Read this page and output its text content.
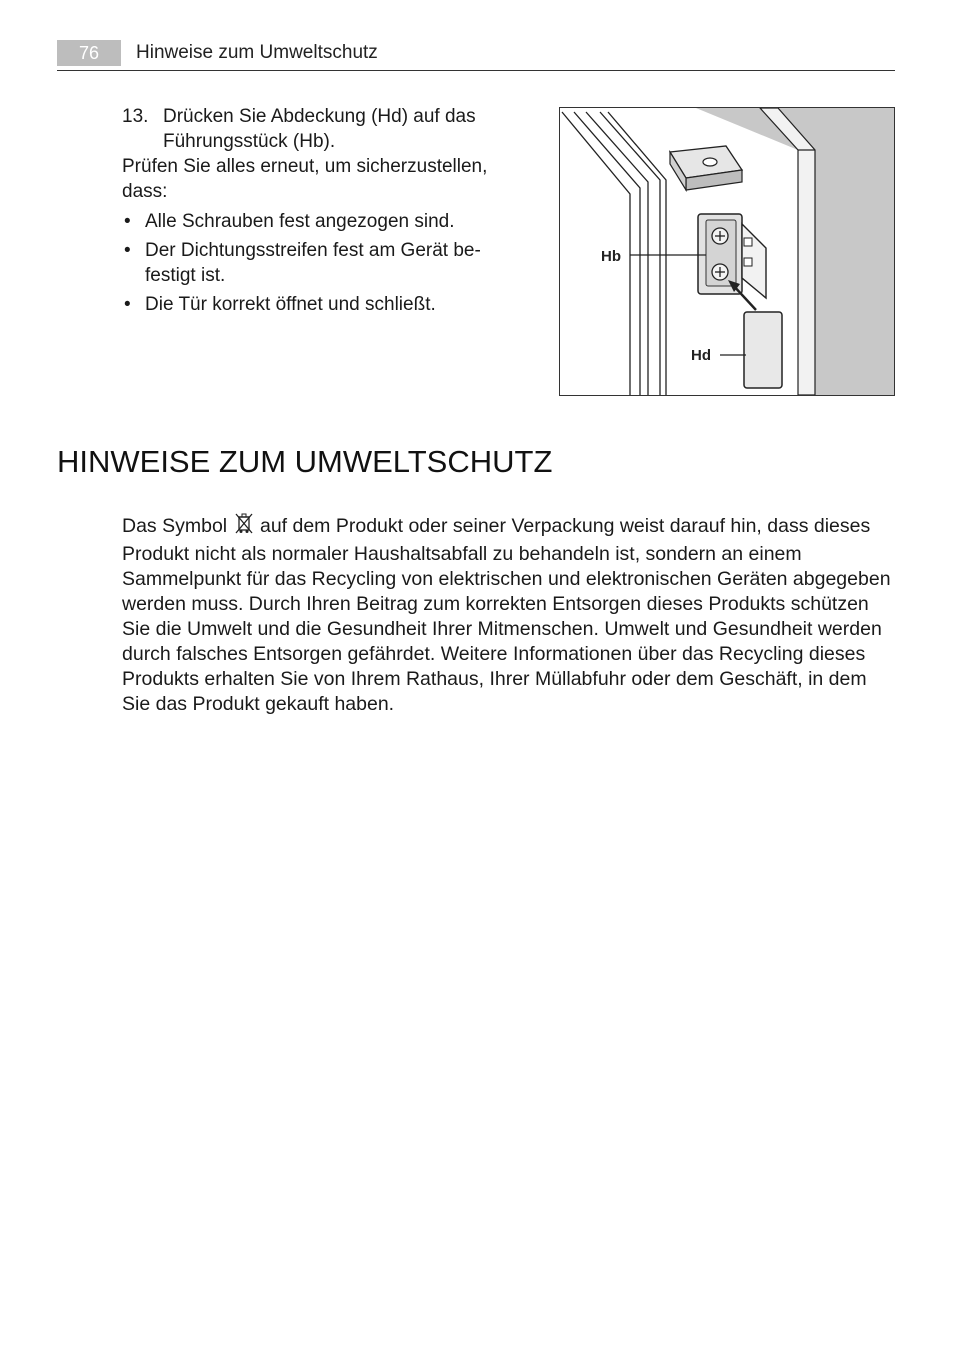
76	Hinweise zum Umweltschutz
13. Drücken Sie Abdeckung (Hd) auf das Führungsstück (Hb).
Prüfen Sie alles erneut, um sicherzustellen, dass:
• Alle Schrauben fest angezogen sind.
• Der Dichtungsstreifen fest am Gerät be-festigt ist.
• Die Tür korrekt öffnet und schließt.
Hb
Hd
HINWEISE ZUM UMWELTSCHUTZ
Das Symbol auf dem Produkt oder seiner Verpackung weist darauf hin, dass dieses Produkt nicht als normaler Haushaltsabfall zu behandeln ist, sondern an einem Sammelpunkt für das Recycling von elektrischen und elektronischen Geräten abgegeben werden muss. Durch Ihren Beitrag zum korrekten Entsorgen dieses Produkts schützen Sie die Umwelt und die Gesundheit Ihrer Mitmenschen. Umwelt und Gesundheit werden durch falsches Entsorgen gefährdet. Weitere Informationen über das Recycling dieses Produkts erhalten Sie von Ihrem Rathaus, Ihrer Müllabfuhr oder dem Geschäft, in dem Sie das Produkt gekauft haben.
